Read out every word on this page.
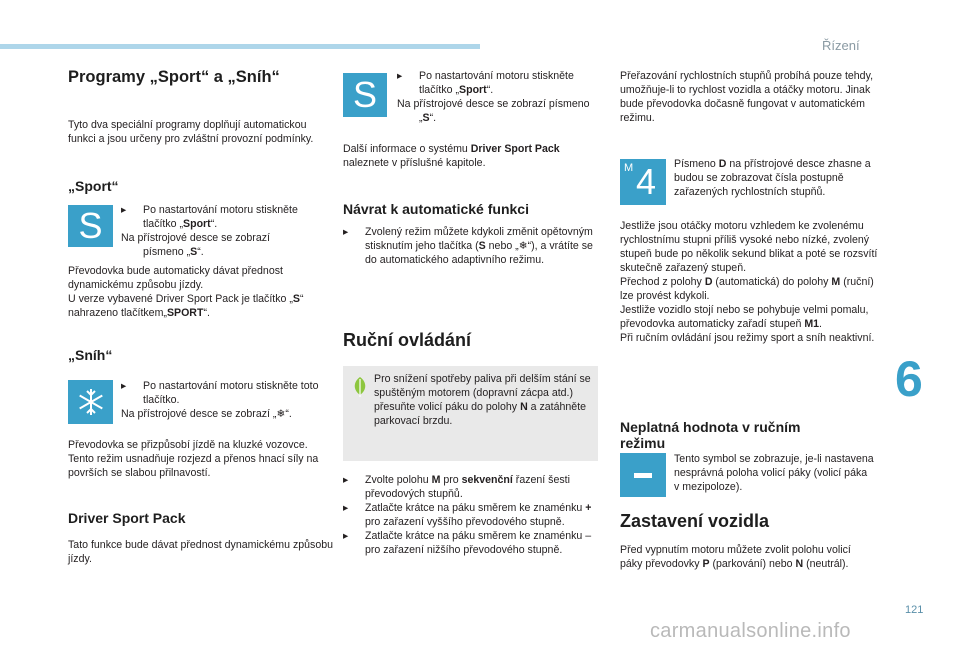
Řízení
6
121
carmanualsonline.info
Programy „Sport“ a „Sníh“
Tyto dva speciální programy doplňují automatickou funkci a jsou určeny pro zvláštní provozní podmínky.
„Sport“
S ▸ Po nastartování motoru stiskněte tlačítko „Sport“.
Na přístrojové desce se zobrazí písmeno „S“.
Převodovka bude automaticky dávat přednost dynamickému způsobu jízdy.
U verze vybavené Driver Sport Pack je tlačítko „S“ nahrazeno tlačítkem„SPORT“.
„Sníh“
▸ Po nastartování motoru stiskněte toto tlačítko.
Na přístrojové desce se zobrazí „❄“.
Převodovka se přizpůsobí jízdě na kluzké vozovce.
Tento režim usnadňuje rozjezd a přenos hnací síly na površích se slabou přilnavostí.
Driver Sport Pack
Tato funkce bude dávat přednost dynamickému způsobu jízdy.
S ▸ Po nastartování motoru stiskněte tlačítko „Sport“.
Na přístrojové desce se zobrazí písmeno „S“.
Další informace o systému Driver Sport Pack naleznete v příslušné kapitole.
Návrat k automatické funkci
▸ Zvolený režim můžete kdykoli změnit opětovným stisknutím jeho tlačítka (S nebo „❄“), a vrátíte se do automatického adaptivního režimu.
Ruční ovládání
Pro snížení spotřeby paliva při delším stání se spuštěným motorem (dopravní zácpa atd.) přesuňte volicí páku do polohy N a zatáhněte parkovací brzdu.
▸ Zvolte polohu M pro sekvenční řazení šesti převodových stupňů.
▸ Zatlačte krátce na páku směrem ke znaménku + pro zařazení vyššího převodového stupně.
▸ Zatlačte krátce na páku směrem ke znaménku – pro zařazení nižšího převodového stupně.
Přeřazování rychlostních stupňů probíhá pouze tehdy, umožňuje-li to rychlost vozidla a otáčky motoru. Jinak bude převodovka dočasně fungovat v automatickém režimu.
M 4 Písmeno D na přístrojové desce zhasne a budou se zobrazovat čísla postupně zařazených rychlostních stupňů.
Jestliže jsou otáčky motoru vzhledem ke zvolenému rychlostnímu stupni příliš vysoké nebo nízké, zvolený stupeň bude po několik sekund blikat a poté se rozsvítí skutečně zařazený stupeň.
Přechod z polohy D (automatická) do polohy M (ruční) lze provést kdykoli.
Jestliže vozidlo stojí nebo se pohybuje velmi pomalu, převodovka automaticky zařadí stupeň M1.
Při ručním ovládání jsou režimy sport a sníh neaktivní.
Neplatná hodnota v ručním režimu
Tento symbol se zobrazuje, je-li nastavena nesprávná poloha volicí páky (volicí páka v mezipoloze).
Zastavení vozidla
Před vypnutím motoru můžete zvolit polohu volicí páky převodovky P (parkování) nebo N (neutrál).
